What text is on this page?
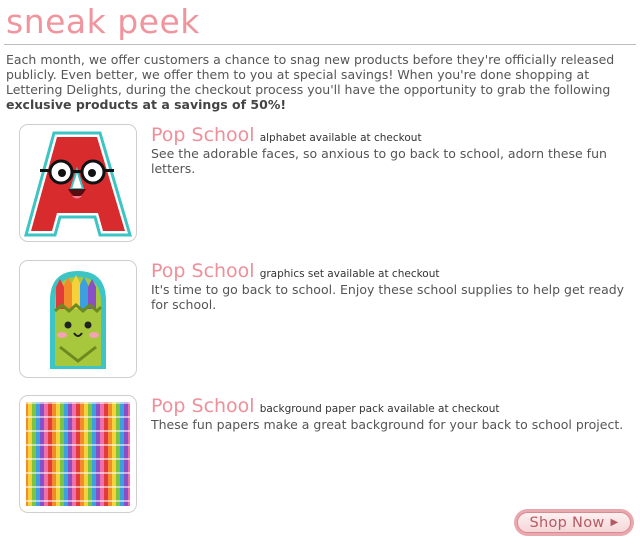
sneak peek

Each month, we offer customers a chance to snag new products before they're officially released publicly. Even better, we offer them to you at special savings! When you're done shopping at Lettering Delights, during the checkout process you'll have the opportunity to grab the following exclusive products at a savings of 50%!

Pop School alphabet available at checkout
See the adorable faces, so anxious to go back to school, adorn these fun letters.
Pop School graphics set available at checkout
It's time to go back to school. Enjoy these school supplies to help get ready for school.
Pop School background paper pack available at checkout
These fun papers make a great background for your back to school project.
Shop Now ▶
